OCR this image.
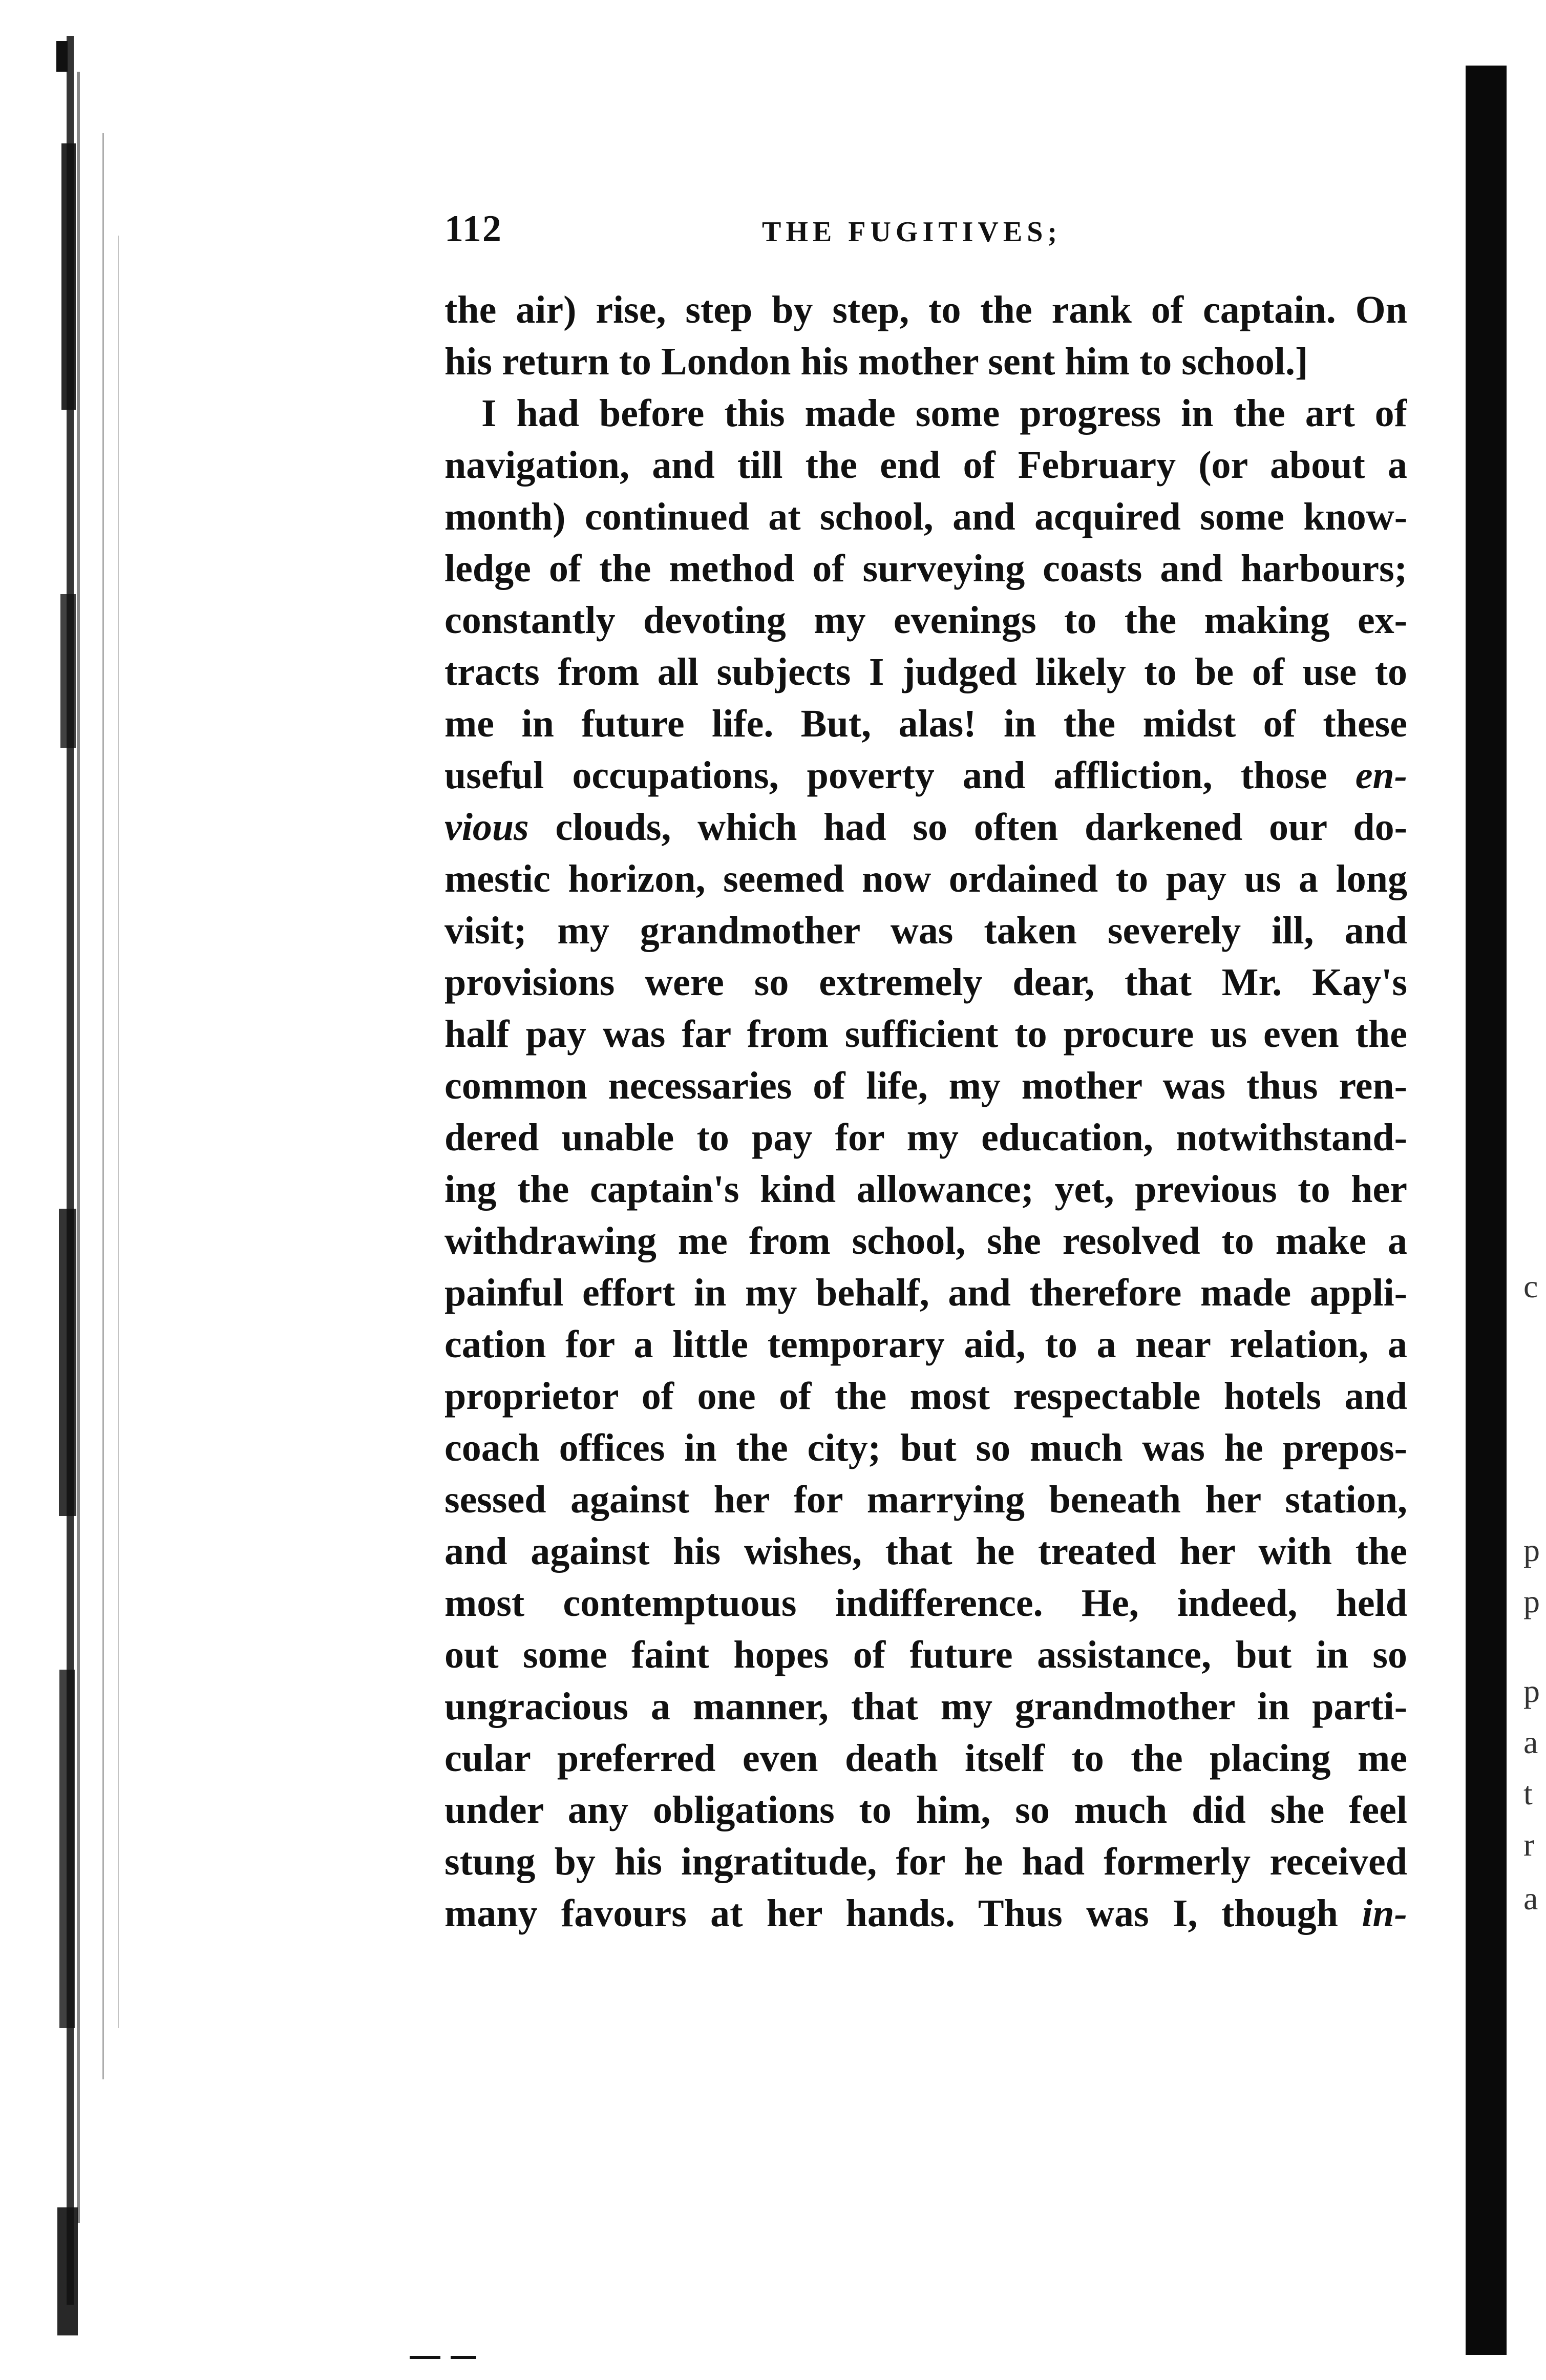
c
p
p
p
a
t
r
a
112	THE FUGITIVES;
the air) rise, step by step, to the rank of captain. On
his return to London his mother sent him to school.]
I had before this made some progress in the art of
navigation, and till the end of February (or about a
month) continued at school, and acquired some know-
ledge of the method of surveying coasts and harbours;
constantly devoting my evenings to the making ex-
tracts from all subjects I judged likely to be of use to
me in future life. But, alas! in the midst of these
useful occupations, poverty and affliction, those en-
vious clouds, which had so often darkened our do-
mestic horizon, seemed now ordained to pay us a long
visit; my grandmother was taken severely ill, and
provisions were so extremely dear, that Mr. Kay's
half pay was far from sufficient to procure us even the
common necessaries of life, my mother was thus ren-
dered unable to pay for my education, notwithstand-
ing the captain's kind allowance; yet, previous to her
withdrawing me from school, she resolved to make a
painful effort in my behalf, and therefore made appli-
cation for a little temporary aid, to a near relation, a
proprietor of one of the most respectable hotels and
coach offices in the city; but so much was he prepos-
sessed against her for marrying beneath her station,
and against his wishes, that he treated her with the
most contemptuous indifference. He, indeed, held
out some faint hopes of future assistance, but in so
ungracious a manner, that my grandmother in parti-
cular preferred even death itself to the placing me
under any obligations to him, so much did she feel
stung by his ingratitude, for he had formerly received
many favours at her hands. Thus was I, though in-
